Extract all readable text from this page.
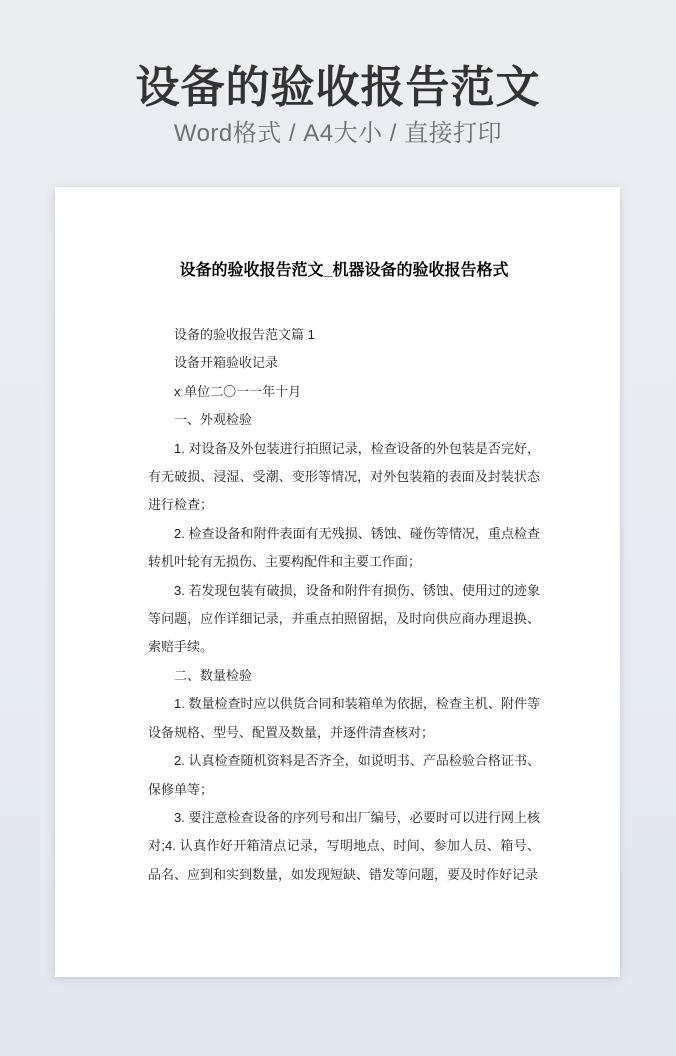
设备的验收报告范文

Word格式 / A4大小 / 直接打印

设备的验收报告范文_机器设备的验收报告格式

设备的验收报告范文篇 1

设备开箱验收记录

x 单位二〇一一年十月

一、外观检验

1. 对设备及外包装进行拍照记录，检查设备的外包装是否完好，有无破损、浸湿、受潮、变形等情况，对外包装箱的表面及封装状态进行检查；

2. 检查设备和附件表面有无残损、锈蚀、碰伤等情况，重点检查转机叶轮有无损伤、主要构配件和主要工作面；

3. 若发现包装有破损，设备和附件有损伤、锈蚀、使用过的迹象等问题，应作详细记录，并重点拍照留据，及时向供应商办理退换、索赔手续。

二、数量检验

1. 数量检查时应以供货合同和装箱单为依据，检查主机、附件等设备规格、型号、配置及数量，并逐件清查核对；

2. 认真检查随机资料是否齐全，如说明书、产品检验合格证书、保修单等；

3. 要注意检查设备的序列号和出厂编号，必要时可以进行网上核对;4. 认真作好开箱清点记录，写明地点、时间、参加人员、箱号、品名、应到和实到数量，如发现短缺、错发等问题，要及时作好记录
